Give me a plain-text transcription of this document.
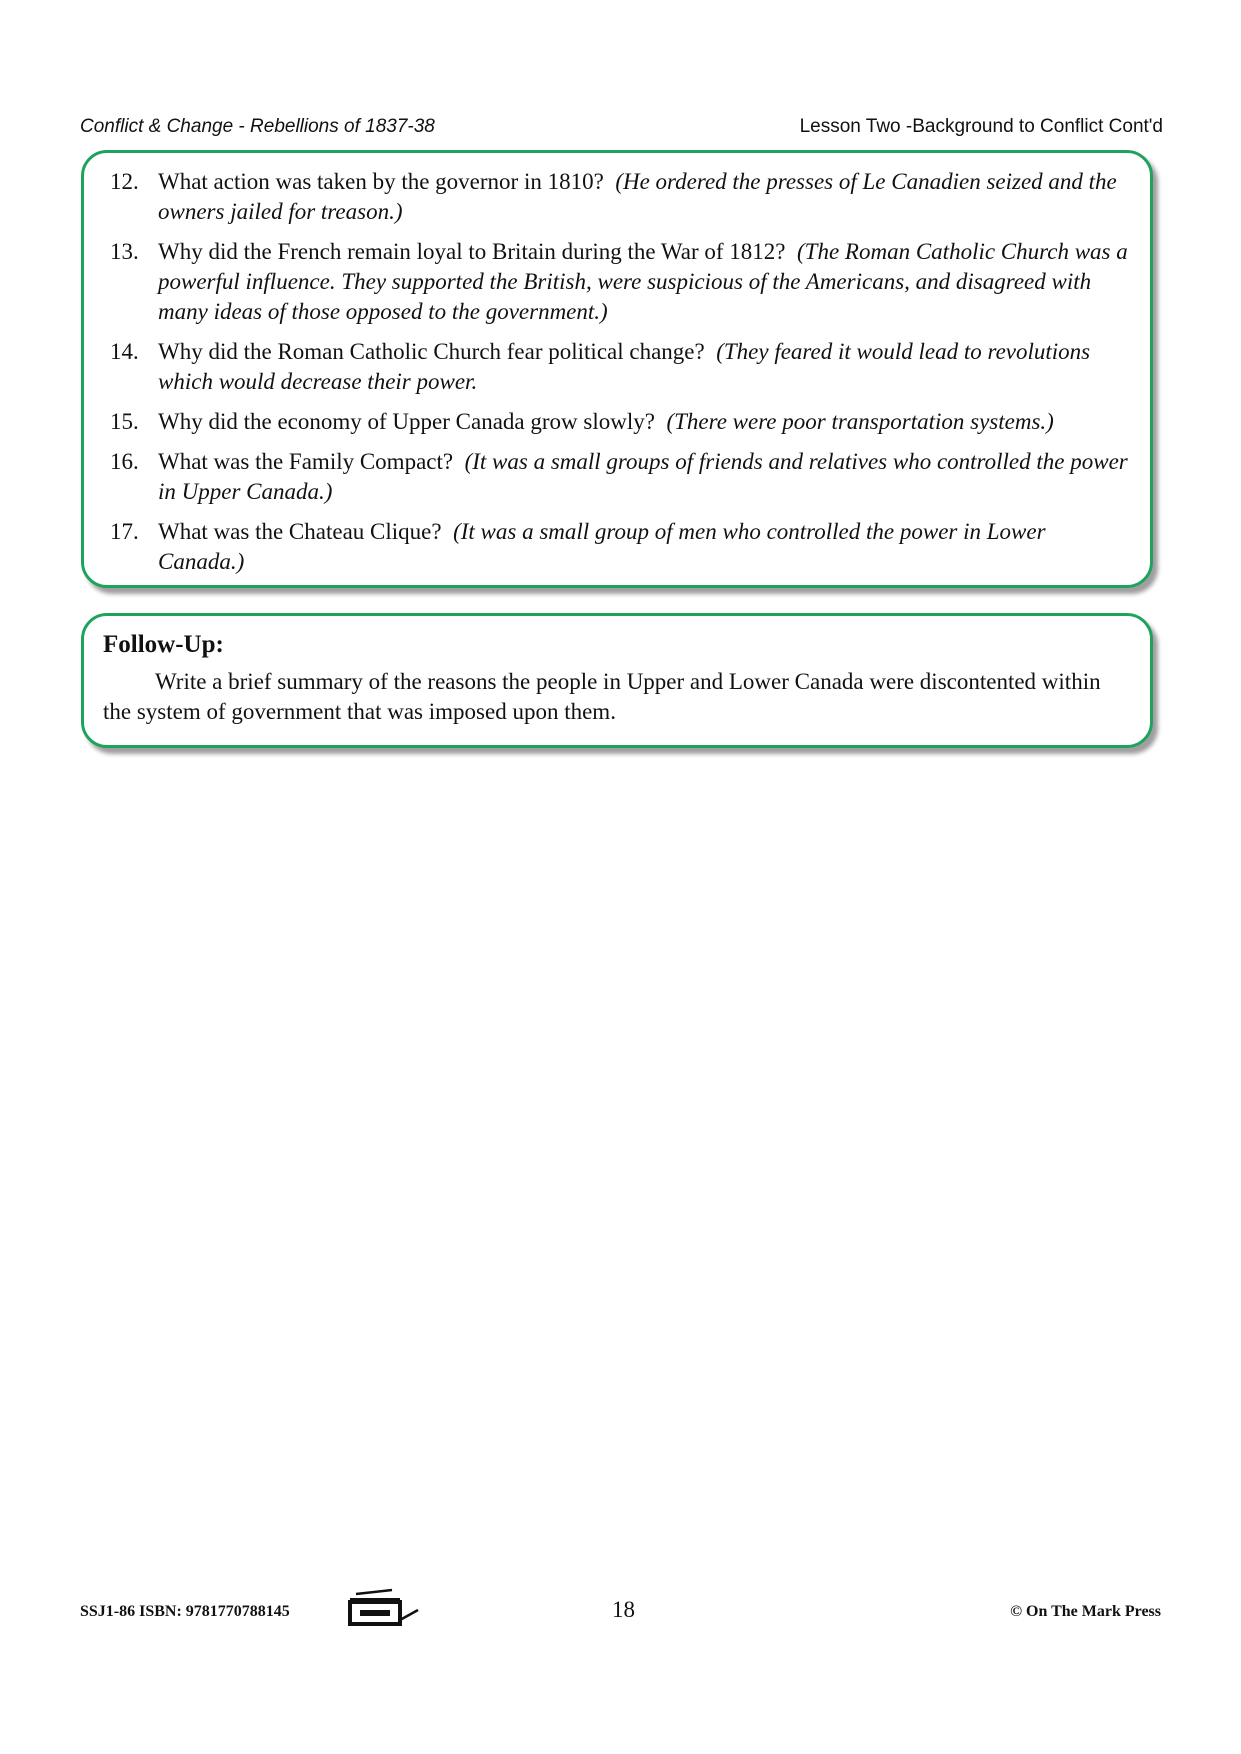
Conflict & Change - Rebellions of 1837-38	Lesson Two -Background to Conflict Cont'd
12. What action was taken by the governor in 1810? (He ordered the presses of Le Canadien seized and the owners jailed for treason.)
13. Why did the French remain loyal to Britain during the War of 1812? (The Roman Catholic Church was a powerful influence. They supported the British, were suspicious of the Americans, and disagreed with many ideas of those opposed to the government.)
14. Why did the Roman Catholic Church fear political change? (They feared it would lead to revolutions which would decrease their power.
15. Why did the economy of Upper Canada grow slowly? (There were poor transportation systems.)
16. What was the Family Compact? (It was a small groups of friends and relatives who controlled the power in Upper Canada.)
17. What was the Chateau Clique? (It was a small group of men who controlled the power in Lower Canada.)
Follow-Up:
Write a brief summary of the reasons the people in Upper and Lower Canada were discontented within the system of government that was imposed upon them.
SSJ1-86 ISBN: 9781770788145	18	© On The Mark Press
